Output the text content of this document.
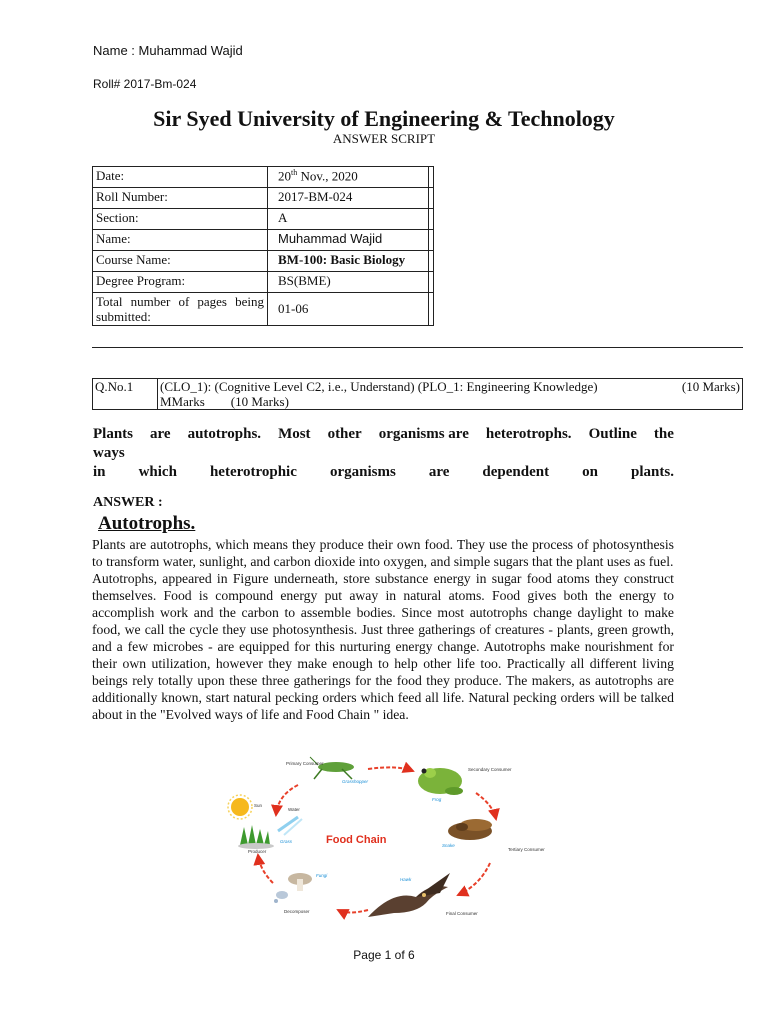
Name : Muhammad Wajid
Roll# 2017-Bm-024
Sir Syed University of Engineering & Technology
ANSWER SCRIPT
Date:	20th Nov., 2020	
Roll Number:	2017-BM-024	
Section:	A	
Name:	Muhammad Wajid	
Course Name:	BM-100: Basic Biology	
Degree Program:	BS(BME)	
Total number of pages being submitted:	01-06	
Q.No.1	(CLO_1): (Cognitive Level C2, i.e., Understand) (PLO_1: Engineering Knowledge)	(10 Marks)
MMarks        (10 Marks)
Plants are autotrophs. Most other organisms are heterotrophs. Outline the
ways
in which heterotrophic organisms are dependent on plants.
ANSWER :
Autotrophs.

Plants are autotrophs, which means they produce their own food. They use the process of photosynthesis to transform water, sunlight, and carbon dioxide into oxygen, and simple sugars that the plant uses as fuel.

Autotrophs, appeared in Figure underneath, store substance energy in sugar food atoms they construct themselves. Food is compound energy put away in natural atoms. Food gives both the energy to accomplish work and the carbon to assemble bodies. Since most autotrophs change daylight to make food, we call the cycle they use photosynthesis. Just three gatherings of creatures - plants, green growth, and a few microbes - are equipped for this nurturing energy change. Autotrophs make nourishment for their own utilization, however they make enough to help other life too. Practically all different living beings rely totally upon these three gatherings for the food they produce. The makers, as autotrophs are additionally known, start natural pecking orders which feed all life. Natural pecking orders will be talked about in the "Evolved ways of life and Food Chain " idea.

Primary Consumer
Grasshopper
Secondary Consumer
Frog
Sun
Water
Grass
Producer
Food Chain	Snake
Tertiary Consumer
Fungi
Decomposer
Hawk
Final Consumer
Page 1 of 6
